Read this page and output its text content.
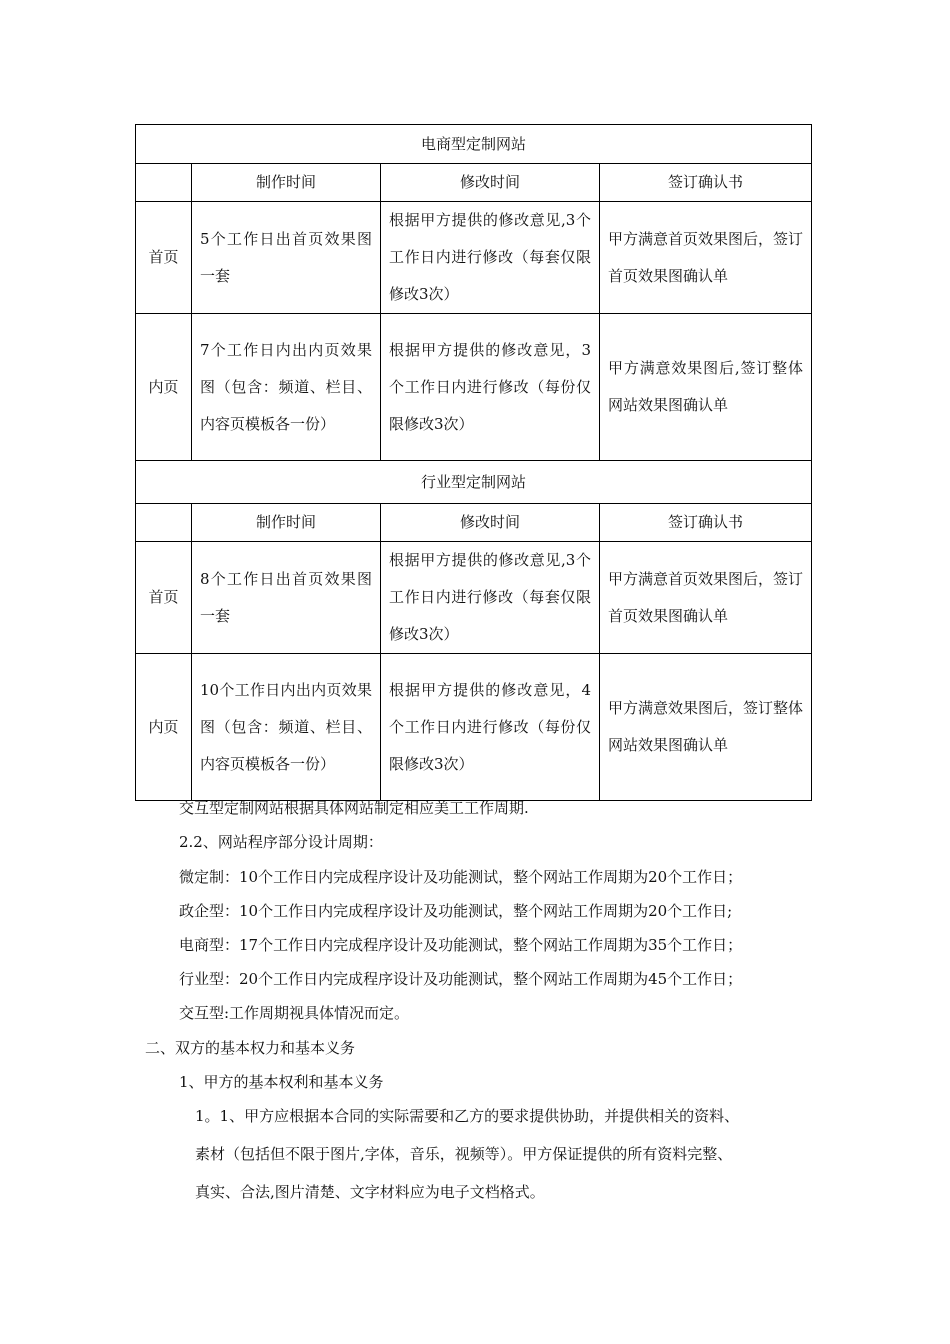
电商型定制网站			
	制作时间	修改时间	签订确认书
首页	5个工作日出首页效果图一套	根据甲方提供的修改意见,3个工作日内进行修改（每套仅限修改3次）	甲方满意首页效果图后，签订首页效果图确认单
内页	7个工作日内出内页效果图（包含：频道、栏目、内容页模板各一份）	根据甲方提供的修改意见，3个工作日内进行修改（每份仅限修改3次）	甲方满意效果图后,签订整体网站效果图确认单
行业型定制网站			
	制作时间	修改时间	签订确认书
首页	8个工作日出首页效果图一套	根据甲方提供的修改意见,3个工作日内进行修改（每套仅限修改3次）	甲方满意首页效果图后，签订首页效果图确认单
内页	10个工作日内出内页效果图（包含：频道、栏目、内容页模板各一份）	根据甲方提供的修改意见，4个工作日内进行修改（每份仅限修改3次）	甲方满意效果图后，签订整体网站效果图确认单
交互型定制网站根据具体网站制定相应美工工作周期.
2.2、网站程序部分设计周期：
微定制：10个工作日内完成程序设计及功能测试，整个网站工作周期为20个工作日；
政企型：10个工作日内完成程序设计及功能测试，整个网站工作周期为20个工作日;
电商型：17个工作日内完成程序设计及功能测试，整个网站工作周期为35个工作日；
行业型：20个工作日内完成程序设计及功能测试，整个网站工作周期为45个工作日；
交互型:工作周期视具体情况而定。
二、双方的基本权力和基本义务
1、甲方的基本权利和基本义务
1。1、甲方应根据本合同的实际需要和乙方的要求提供协助，并提供相关的资料、
素材（包括但不限于图片,字体，音乐，视频等）。甲方保证提供的所有资料完整、
真实、合法,图片清楚、文字材料应为电子文档格式。
